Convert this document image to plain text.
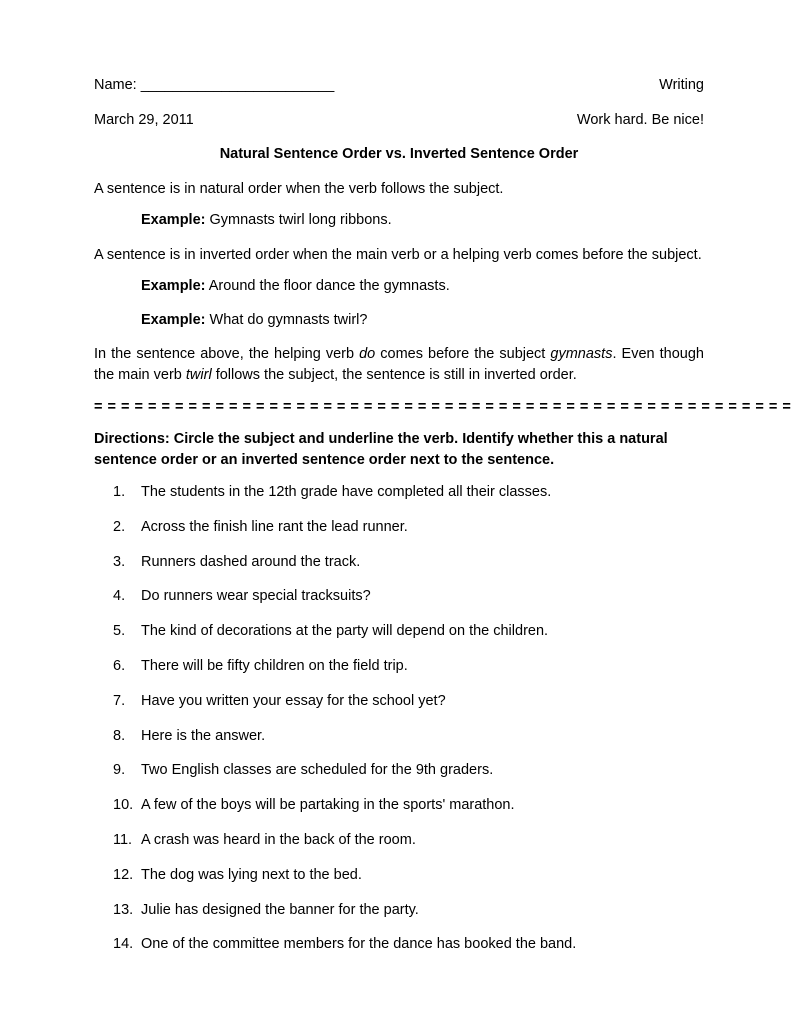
Name: ________________________	Writing
March 29, 2011	Work hard. Be nice!
Natural Sentence Order vs. Inverted Sentence Order
A sentence is in natural order when the verb follows the subject.
Example: Gymnasts twirl long ribbons.
A sentence is in inverted order when the main verb or a helping verb comes before the subject.
Example: Around the floor dance the gymnasts.
Example: What do gymnasts twirl?
In the sentence above, the helping verb do comes before the subject gymnasts. Even though the main verb twirl follows the subject, the sentence is still in inverted order.
= = = = = = = = = = = = = = = = = = = = = = = = = = = = = = = = = = = = = = = = = = = = = = = = = = = =
Directions: Circle the subject and underline the verb. Identify whether this a natural sentence order or an inverted sentence order next to the sentence.
1.	The students in the 12th grade have completed all their classes.
2.	Across the finish line rant the lead runner.
3.	Runners dashed around the track.
4.	Do runners wear special tracksuits?
5.	The kind of decorations at the party will depend on the children.
6.	There will be fifty children on the field trip.
7.	Have you written your essay for the school yet?
8.	Here is the answer.
9.	Two English classes are scheduled for the 9th graders.
10. A few of the boys will be partaking in the sports' marathon.
11. A crash was heard in the back of the room.
12. The dog was lying next to the bed.
13. Julie has designed the banner for the party.
14. One of the committee members for the dance has booked the band.
